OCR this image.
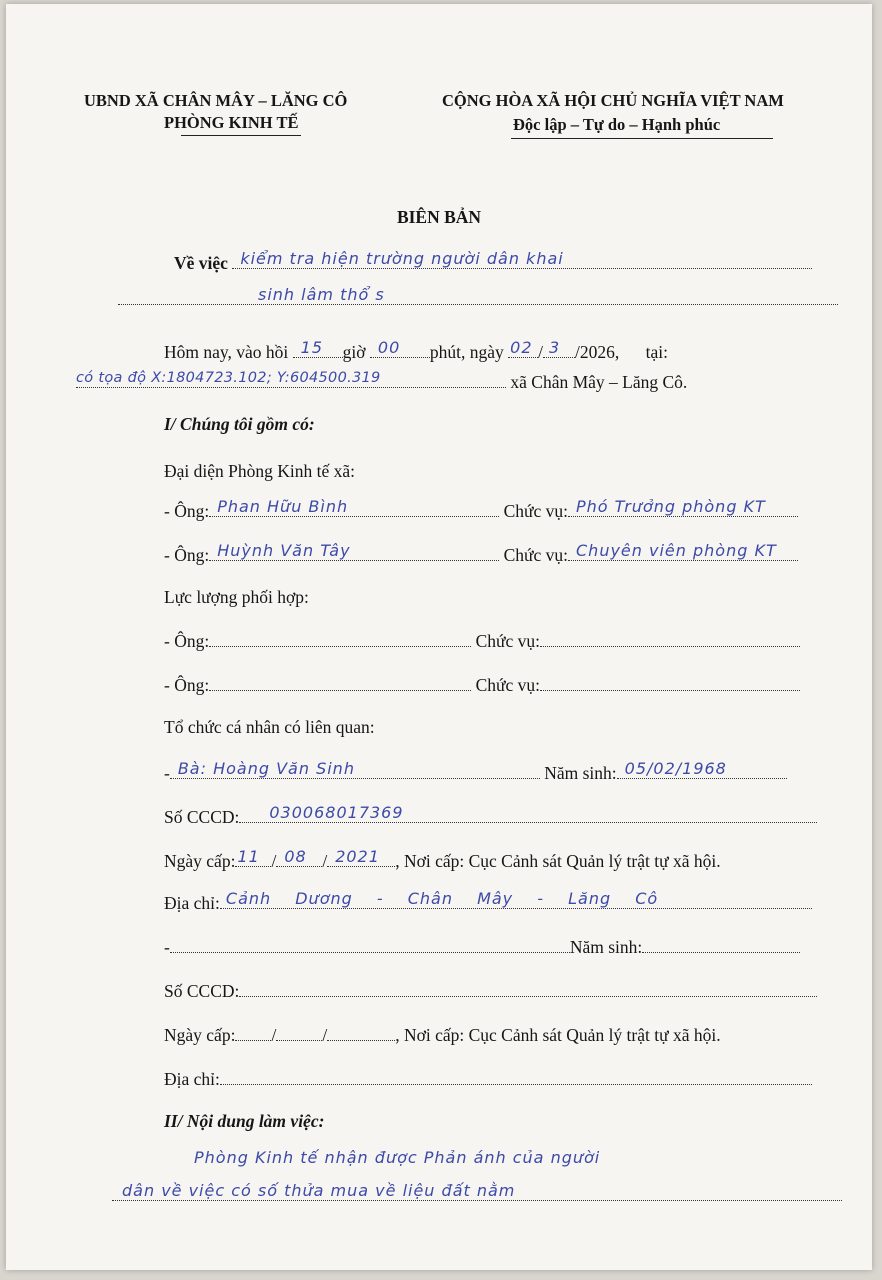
UBND XÃ CHÂN MÂY – LĂNG CÔ
PHÒNG KINH TẾ
CỘNG HÒA XÃ HỘI CHỦ NGHĨA VIỆT NAM
Độc lập – Tự do – Hạnh phúc
BIÊN BẢN
Về việc kiểm tra hiện trường người dân khai
sinh lâm thổ s
Hôm nay, vào hồi 15 giờ 00 phút, ngày 02 / 3 /2026, tại:
có tọa độ X:1804723.102; Y:604500.319	xã Chân Mây – Lăng Cô.
I/ Chúng tôi gồm có:
Đại diện Phòng Kinh tế xã:
- Ông: Phan Hữu Bình	Chức vụ: Phó Trưởng phòng KT
- Ông: Huỳnh Văn Tây	Chức vụ: Chuyên viên phòng KT
Lực lượng phối hợp:
- Ông:	Chức vụ:
- Ông:	Chức vụ:
Tổ chức cá nhân có liên quan:
- Bà: Hoàng Văn Sinh	Năm sinh: 05/02/1968
Số CCCD: 030068017369
Ngày cấp: 11 / 08 / 2021 , Nơi cấp: Cục Cảnh sát Quản lý trật tự xã hội.
Địa chỉ: Cảnh Dương - Chân Mây - Lăng Cô
-	Năm sinh:
Số CCCD:
Ngày cấp: /	/	, Nơi cấp: Cục Cảnh sát Quản lý trật tự xã hội.
Địa chỉ:
II/ Nội dung làm việc:
Phòng Kinh tế nhận được Phản ánh của người
dân về việc có số thửa mua về liệu đất nằm
